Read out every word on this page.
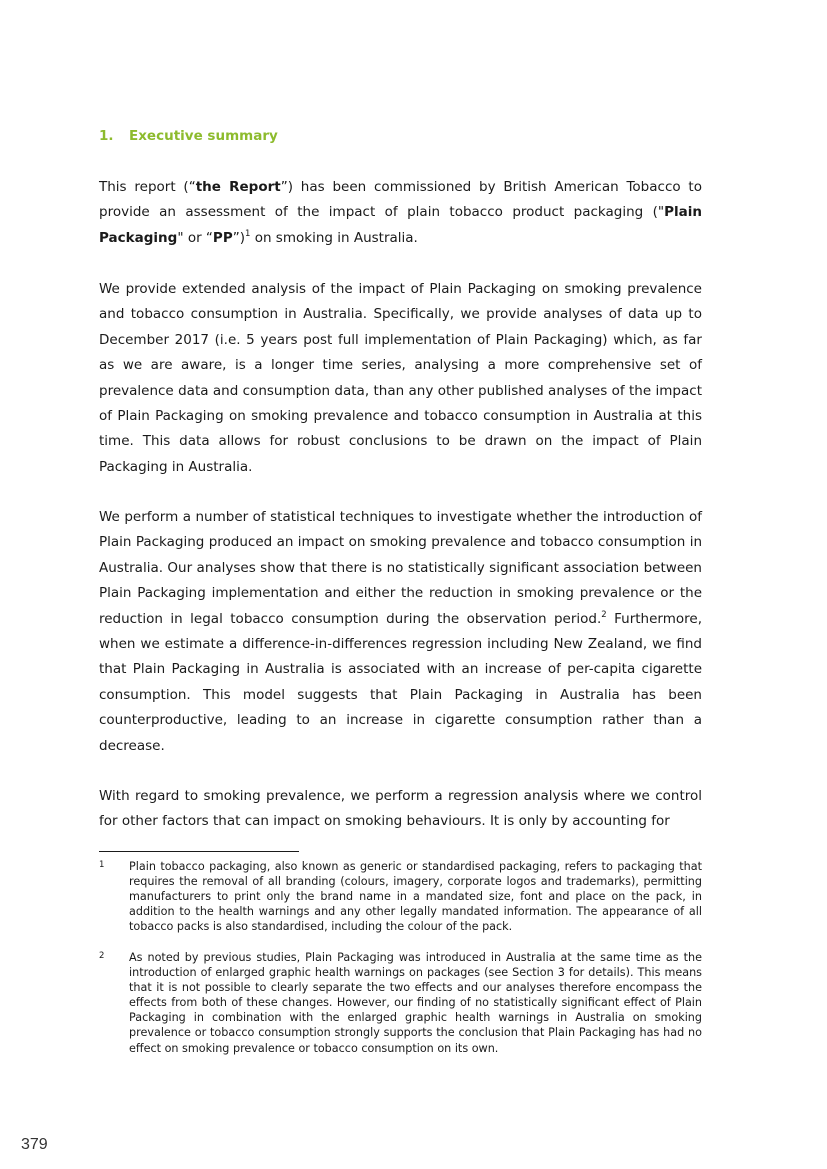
1. Executive summary

This report (“the Report”) has been commissioned by British American Tobacco to provide an assessment of the impact of plain tobacco product packaging ("Plain Packaging" or “PP”)$^1$ on smoking in Australia.

We provide extended analysis of the impact of Plain Packaging on smoking prevalence and tobacco consumption in Australia. Specifically, we provide analyses of data up to December 2017 (i.e. 5 years post full implementation of Plain Packaging) which, as far as we are aware, is a longer time series, analysing a more comprehensive set of prevalence data and consumption data, than any other published analyses of the impact of Plain Packaging on smoking prevalence and tobacco consumption in Australia at this time. This data allows for robust conclusions to be drawn on the impact of Plain Packaging in Australia.

We perform a number of statistical techniques to investigate whether the introduction of Plain Packaging produced an impact on smoking prevalence and tobacco consumption in Australia. Our analyses show that there is no statistically significant association between Plain Packaging implementation and either the reduction in smoking prevalence or the reduction in legal tobacco consumption during the observation period.$^2$ Furthermore, when we estimate a difference-in-differences regression including New Zealand, we find that Plain Packaging in Australia is associated with an increase of per-capita cigarette consumption. This model suggests that Plain Packaging in Australia has been counterproductive, leading to an increase in cigarette consumption rather than a decrease.

With regard to smoking prevalence, we perform a regression analysis where we control for other factors that can impact on smoking behaviours. It is only by accounting for

1 Plain tobacco packaging, also known as generic or standardised packaging, refers to packaging that requires the removal of all branding (colours, imagery, corporate logos and trademarks), permitting manufacturers to print only the brand name in a mandated size, font and place on the pack, in addition to the health warnings and any other legally mandated information. The appearance of all tobacco packs is also standardised, including the colour of the pack.
2 As noted by previous studies, Plain Packaging was introduced in Australia at the same time as the introduction of enlarged graphic health warnings on packages (see Section 3 for details). This means that it is not possible to clearly separate the two effects and our analyses therefore encompass the effects from both of these changes. However, our finding of no statistically significant effect of Plain Packaging in combination with the enlarged graphic health warnings in Australia on smoking prevalence or tobacco consumption strongly supports the conclusion that Plain Packaging has had no effect on smoking prevalence or tobacco consumption on its own.
379
